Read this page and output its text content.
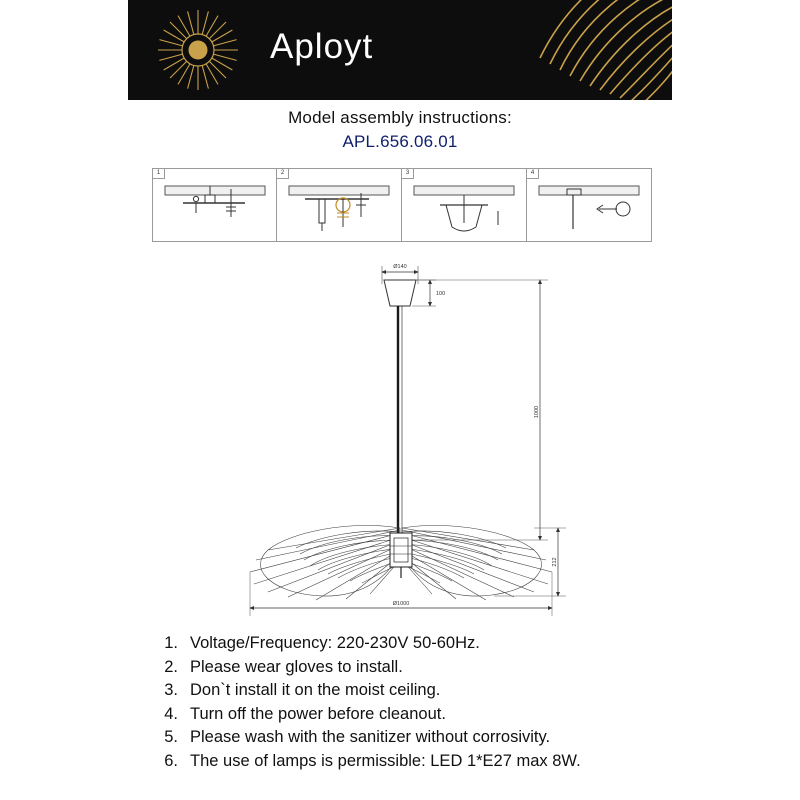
Aployt
Model assembly instructions:
APL.656.06.01
1	2	3	4
Ø140
100
1000
212
Ø1000
1. Voltage/Frequency: 220-230V 50-60Hz.
2. Please wear gloves to install.
3. Don`t install it on the moist ceiling.
4. Turn off the power before cleanout.
5. Please wash with the sanitizer without corrosivity.
6. The use of lamps is permissible: LED 1*E27 max 8W.
